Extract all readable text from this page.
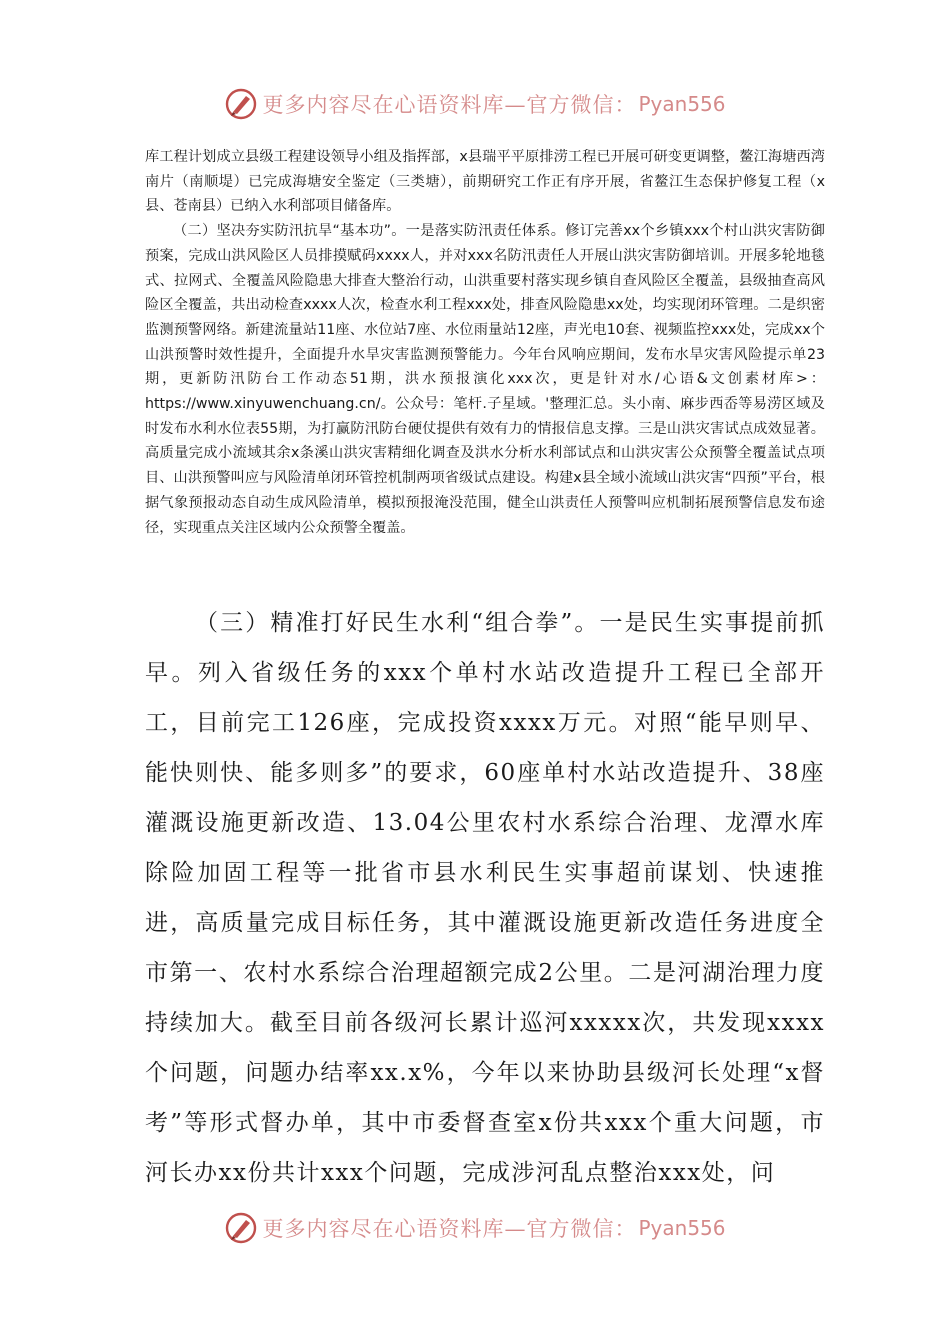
更多内容尽在心语资料库—官方微信： Pyan556

库工程计划成立县级工程建设领导小组及指挥部，x县瑞平平原排涝工程已开展可研变更调整，鳌江海塘西湾南片（南顺堤）已完成海塘安全鉴定（三类塘），前期研究工作正有序开展，省鳌江生态保护修复工程（x县、苍南县）已纳入水利部项目储备库。

（二）坚决夯实防汛抗旱“基本功”。一是落实防汛责任体系。修订完善xx个乡镇xxx个村山洪灾害防御预案，完成山洪风险区人员排摸赋码xxxx人，并对xxx名防汛责任人开展山洪灾害防御培训。开展多轮地毯式、拉网式、全覆盖风险隐患大排查大整治行动，山洪重要村落实现乡镇自查风险区全覆盖，县级抽查高风险区全覆盖，共出动检查xxxx人次，检查水利工程xxx处，排查风险隐患xx处，均实现闭环管理。二是织密监测预警网络。新建流量站11座、水位站7座、水位雨量站12座，声光电10套、视频监控xxx处，完成xx个山洪预警时效性提升，全面提升水旱灾害监测预警能力。今年台风响应期间，发布水旱灾害风险提示单23期，更新防汛防台工作动态51期，洪水预报演化xxx次，更是针对水/心语&文创素材库>：https://www.xinyuwenchuang.cn/。公众号：笔杆.子星域。'整理汇总。头小南、麻步西岙等易涝区域及时发布水利水位表55期，为打赢防汛防台硬仗提供有效有力的情报信息支撑。三是山洪灾害试点成效显著。高质量完成小流域其余x条溪山洪灾害精细化调查及洪水分析水利部试点和山洪灾害公众预警全覆盖试点项目、山洪预警叫应与风险清单闭环管控机制两项省级试点建设。构建x县全域小流域山洪灾害“四预”平台，根据气象预报动态自动生成风险清单，模拟预报淹没范围，健全山洪责任人预警叫应机制拓展预警信息发布途径，实现重点关注区域内公众预警全覆盖。

（三）精准打好民生水利“组合拳”。一是民生实事提前抓早。列入省级任务的xxx个单村水站改造提升工程已全部开工，目前完工126座，完成投资xxxx万元。对照“能早则早、能快则快、能多则多”的要求，60座单村水站改造提升、38座灌溉设施更新改造、13.04公里农村水系综合治理、龙潭水库除险加固工程等一批省市县水利民生实事超前谋划、快速推进，高质量完成目标任务，其中灌溉设施更新改造任务进度全市第一、农村水系综合治理超额完成2公里。二是河湖治理力度持续加大。截至目前各级河长累计巡河xxxxx次，共发现xxxx个问题，问题办结率xx.x%，今年以来协助县级河长处理“x督考”等形式督办单，其中市委督查室x份共xxx个重大问题，市河长办xx份共计xxx个问题，完成涉河乱点整治xxx处，问

更多内容尽在心语资料库—官方微信： Pyan556
